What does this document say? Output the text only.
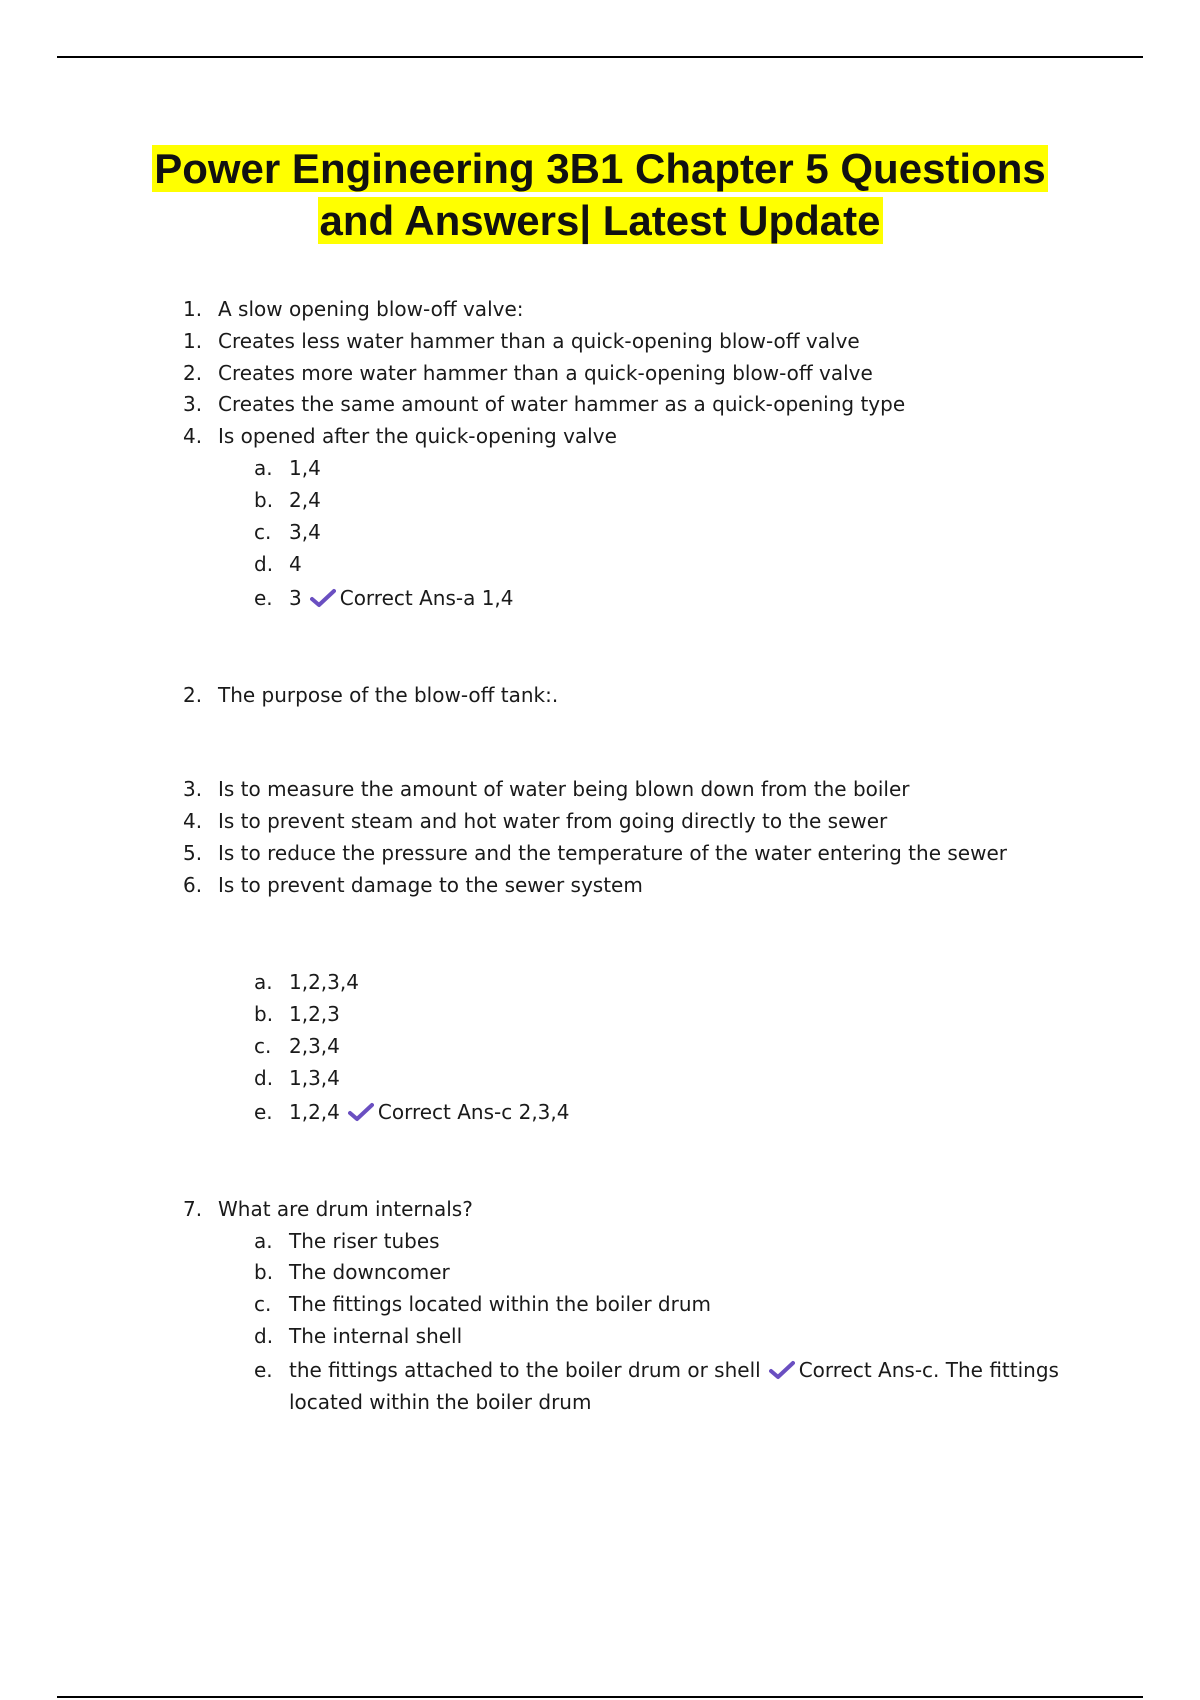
Power Engineering 3B1 Chapter 5 Questions
and Answers| Latest Update
1. A slow opening blow-off valve:
1. Creates less water hammer than a quick-opening blow-off valve
2. Creates more water hammer than a quick-opening blow-off valve
3. Creates the same amount of water hammer as a quick-opening type
4. Is opened after the quick-opening valve
a. 1,4
b. 2,4
c. 3,4
d. 4
e. 3 Correct Ans-a 1,4
2. The purpose of the blow-off tank:.
3. Is to measure the amount of water being blown down from the boiler
4. Is to prevent steam and hot water from going directly to the sewer
5. Is to reduce the pressure and the temperature of the water entering the sewer
6. Is to prevent damage to the sewer system
a. 1,2,3,4
b. 1,2,3
c. 2,3,4
d. 1,3,4
e. 1,2,4 Correct Ans-c 2,3,4
7. What are drum internals?
a. The riser tubes
b. The downcomer
c. The fittings located within the boiler drum
d. The internal shell
e. the fittings attached to the boiler drum or shell Correct Ans-c. The fittings
located within the boiler drum
